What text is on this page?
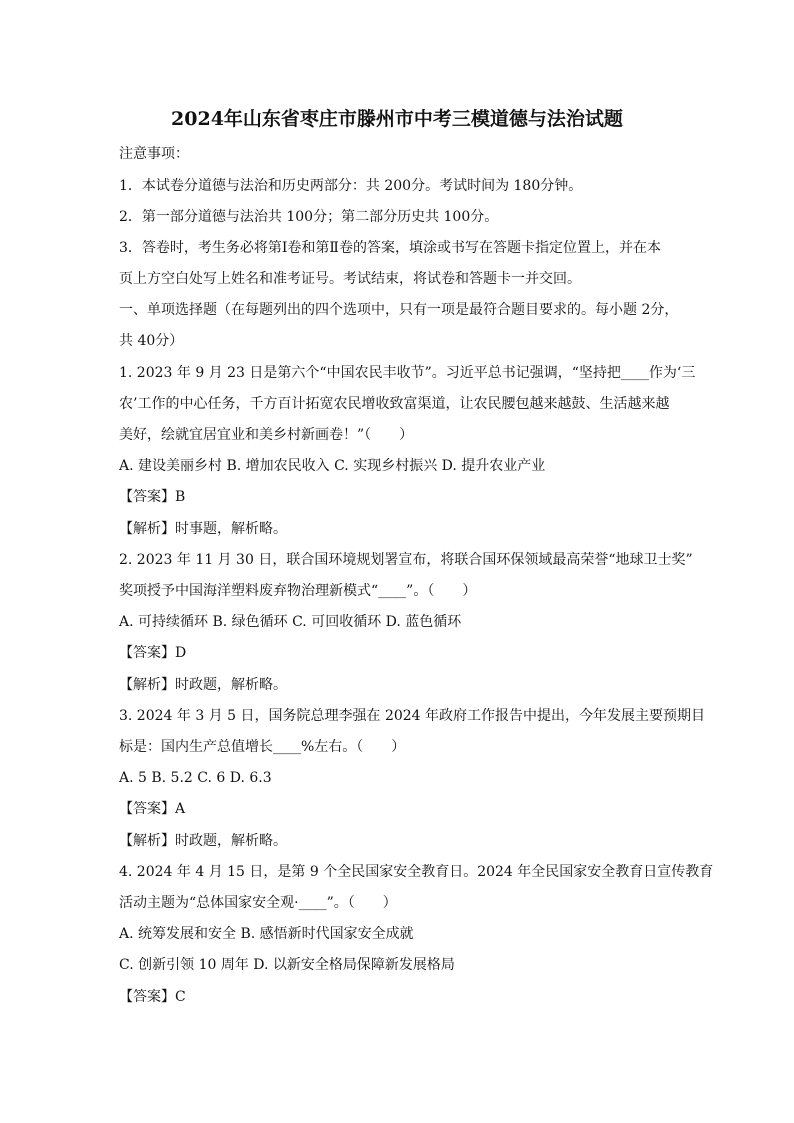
2024年山东省枣庄市滕州市中考三模道德与法治试题
注意事项：
1．本试卷分道德与法治和历史两部分：共 200分。考试时间为 180分钟。
2．第一部分道德与法治共 100分；第二部分历史共 100分。
3．答卷时，考生务必将第Ⅰ卷和第Ⅱ卷的答案，填涂或书写在答题卡指定位置上，并在本
页上方空白处写上姓名和准考证号。考试结束，将试卷和答题卡一并交回。
一、单项选择题（在每题列出的四个选项中，只有一项是最符合题目要求的。每小题 2分，
共 40分）
1. 2023 年 9 月 23 日是第六个“中国农民丰收节”。习近平总书记强调，“坚持把____作为‘三
农’工作的中心任务，千方百计拓宽农民增收致富渠道，让农民腰包越来越鼓、生活越来越
美好，绘就宜居宜业和美乡村新画卷！”（　　）
A. 建设美丽乡村 B. 增加农民收入 C. 实现乡村振兴 D. 提升农业产业
【答案】B
【解析】时事题，解析略。
2. 2023 年 11 月 30 日，联合国环境规划署宣布，将联合国环保领域最高荣誉“地球卫士奖”
奖项授予中国海洋塑料废弃物治理新模式“____”。（　　）
A. 可持续循环 B. 绿色循环 C. 可回收循环 D. 蓝色循环
【答案】D
【解析】时政题，解析略。
3. 2024 年 3 月 5 日，国务院总理李强在 2024 年政府工作报告中提出，今年发展主要预期目
标是：国内生产总值增长____%左右。（　　）
A. 5 B. 5.2 C. 6 D. 6.3
【答案】A
【解析】时政题，解析略。
4. 2024 年 4 月 15 日，是第 9 个全民国家安全教育日。2024 年全民国家安全教育日宣传教育
活动主题为“总体国家安全观·____”。（　　）
A. 统筹发展和安全 B. 感悟新时代国家安全成就
C. 创新引领 10 周年 D. 以新安全格局保障新发展格局
【答案】C
